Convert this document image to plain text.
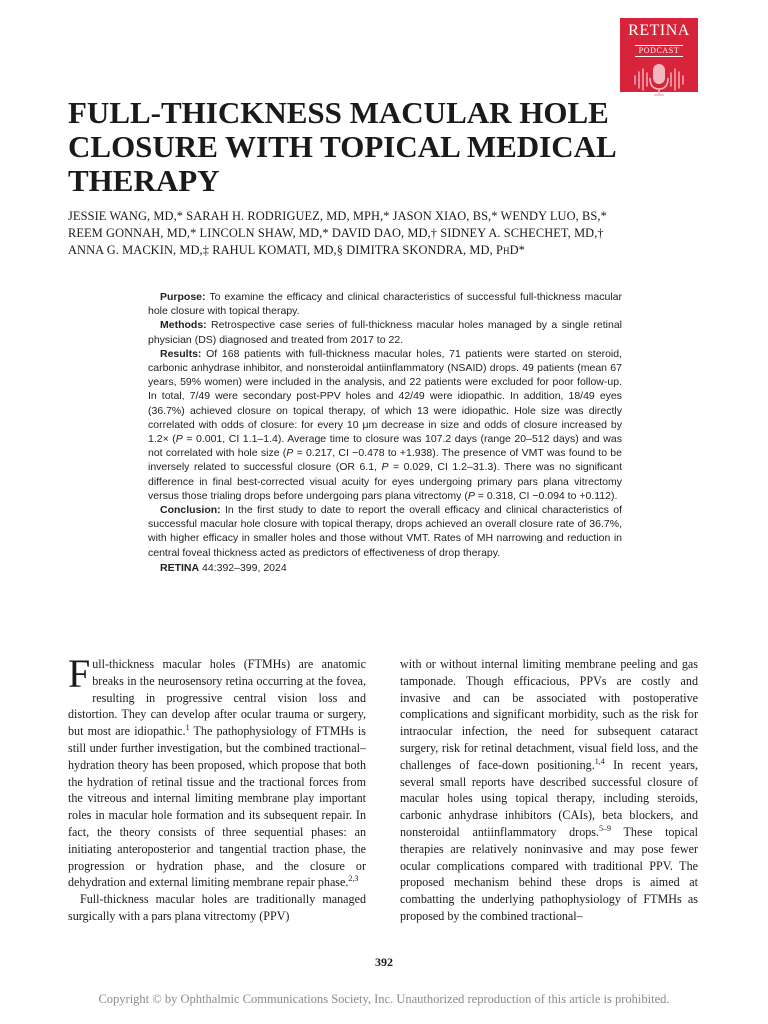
RETINA
PODCAST
FULL-THICKNESS MACULAR HOLE CLOSURE WITH TOPICAL MEDICAL THERAPY
JESSIE WANG, MD,* SARAH H. RODRIGUEZ, MD, MPH,* JASON XIAO, BS,* WENDY LUO, BS,*
REEM GONNAH, MD,* LINCOLN SHAW, MD,* DAVID DAO, MD,† SIDNEY A. SCHECHET, MD,†
ANNA G. MACKIN, MD,‡ RAHUL KOMATI, MD,§ DIMITRA SKONDRA, MD, PhD*

Purpose: To examine the efficacy and clinical characteristics of successful full-thickness macular hole closure with topical therapy.

Methods: Retrospective case series of full-thickness macular holes managed by a single retinal physician (DS) diagnosed and treated from 2017 to 22.

Results: Of 168 patients with full-thickness macular holes, 71 patients were started on steroid, carbonic anhydrase inhibitor, and nonsteroidal antiinflammatory (NSAID) drops. 49 patients (mean 67 years, 59% women) were included in the analysis, and 22 patients were excluded for poor follow-up. In total, 7/49 were secondary post-PPV holes and 42/49 were idiopathic. In addition, 18/49 eyes (36.7%) achieved closure on topical therapy, of which 13 were idiopathic. Hole size was directly correlated with odds of closure: for every 10 μm decrease in size and odds of closure increased by 1.2× (P = 0.001, CI 1.1–1.4). Average time to closure was 107.2 days (range 20–512 days) and was not correlated with hole size (P = 0.217, CI −0.478 to +1.938). The presence of VMT was found to be inversely related to successful closure (OR 6.1, P = 0.029, CI 1.2–31.3). There was no significant difference in final best-corrected visual acuity for eyes undergoing primary pars plana vitrectomy versus those trialing drops before undergoing pars plana vitrectomy (P = 0.318, CI −0.094 to +0.112).

Conclusion: In the first study to date to report the overall efficacy and clinical characteristics of successful macular hole closure with topical therapy, drops achieved an overall closure rate of 36.7%, with higher efficacy in smaller holes and those without VMT. Rates of MH narrowing and reduction in central foveal thickness acted as predictors of effectiveness of drop therapy.

RETINA 44:392–399, 2024

Full-thickness macular holes (FTMHs) are anatomic breaks in the neurosensory retina occurring at the fovea, resulting in progressive central vision loss and distortion. They can develop after ocular trauma or surgery, but most are idiopathic.$^1$ The pathophysiology of FTMHs is still under further investigation, but the combined tractional–hydration theory has been proposed, which propose that both the hydration of retinal tissue and the tractional forces from the vitreous and internal limiting membrane play important roles in macular hole formation and its subsequent repair. In fact, the theory consists of three sequential phases: an initiating anteroposterior and tangential traction phase, the progression or hydration phase, and the closure or dehydration and external limiting membrane repair phase.$^{2,3}$

Full-thickness macular holes are traditionally managed surgically with a pars plana vitrectomy (PPV)

with or without internal limiting membrane peeling and gas tamponade. Though efficacious, PPVs are costly and invasive and can be associated with postoperative complications and significant morbidity, such as the risk for intraocular infection, the need for subsequent cataract surgery, risk for retinal detachment, visual field loss, and the challenges of face-down positioning.$^{1,4}$ In recent years, several small reports have described successful closure of macular holes using topical therapy, including steroids, carbonic anhydrase inhibitors (CAIs), beta blockers, and nonsteroidal antiinflammatory drops.$^{5-9}$ These topical therapies are relatively noninvasive and may pose fewer ocular complications compared with traditional PPV. The proposed mechanism behind these drops is aimed at combatting the underlying pathophysiology of FTMHs as proposed by the combined tractional–

392
Copyright © by Ophthalmic Communications Society, Inc. Unauthorized reproduction of this article is prohibited.
